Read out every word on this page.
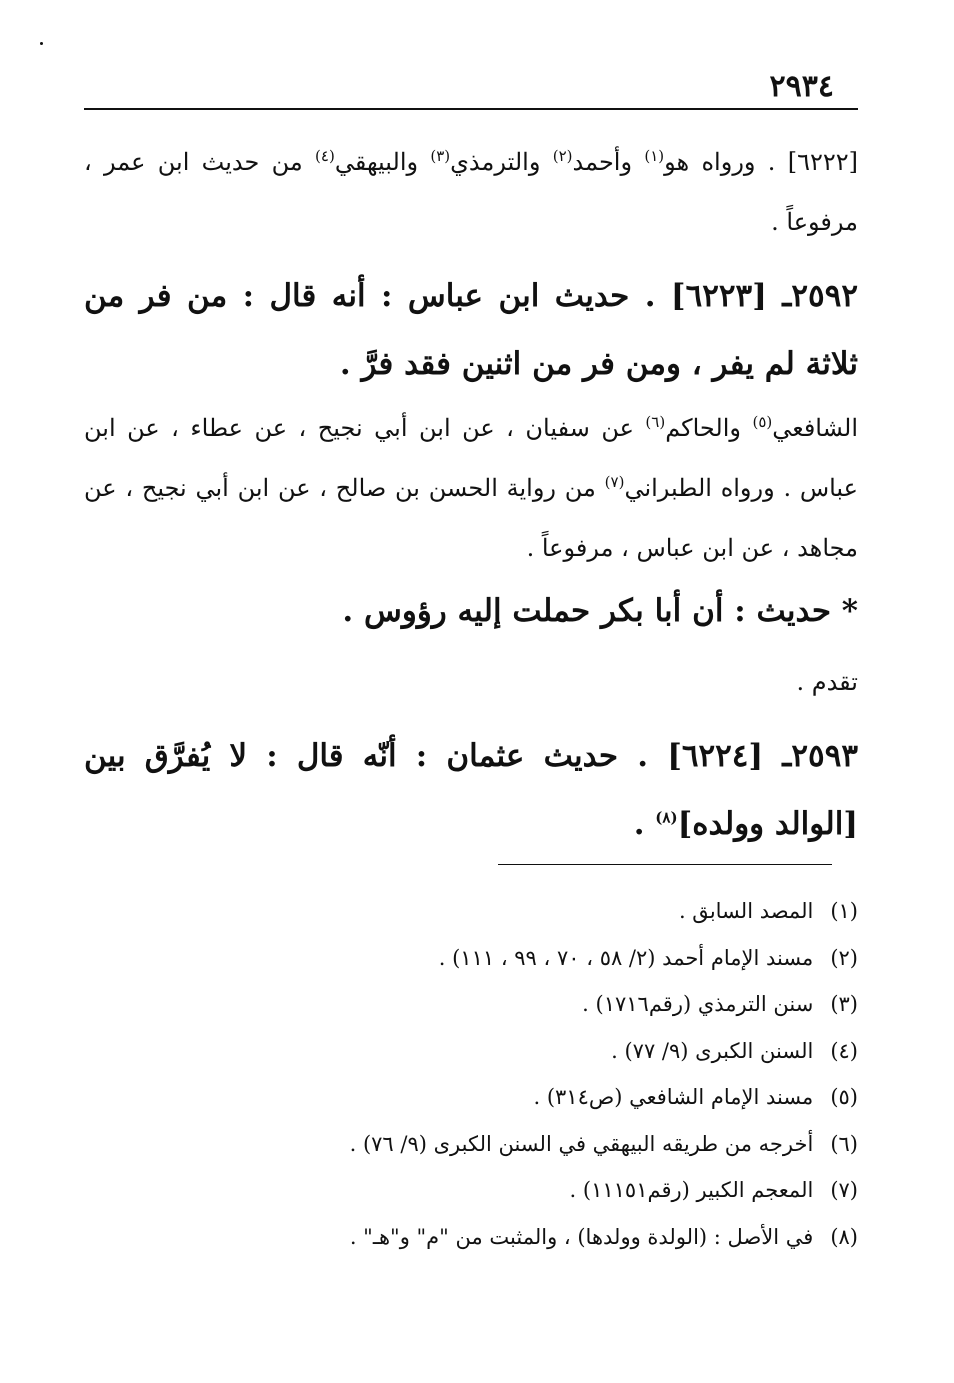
٢٩٣٤
[٦٢٢٢] . ورواه هو$^{(١)}$ وأحمد$^{(٢)}$ والترمذي$^{(٣)}$ والبيهقي$^{(٤)}$ من حديث ابن عمر ، مرفوعاً .
٢٥٩٢ـ [٦٢٢٣] . حديث ابن عباس : أنه قال : من فر من ثلاثة لم يفر ، ومن فر من اثنين فقد فرَّ .
الشافعي$^{(٥)}$ والحاكم$^{(٦)}$ عن سفيان ، عن ابن أبي نجيح ، عن عطاء ، عن ابن عباس . ورواه الطبراني$^{(٧)}$ من رواية الحسن بن صالح ، عن ابن أبي نجيح ، عن مجاهد ، عن ابن عباس ، مرفوعاً .
* حديث : أن أبا بكر حملت إليه رؤوس .
تقدم .
٢٥٩٣ـ [٦٢٢٤] . حديث عثمان : أنّه قال : لا يُفرَّق بين [الوالد وولده]$^{(٨)}$ .
(١) المصد السابق .
(٢) مسند الإمام أحمد (٢/ ٥٨ ، ٧٠ ، ٩٩ ، ١١١) .
(٣) سنن الترمذي (رقم١٧١٦) .
(٤) السنن الكبرى (٩/ ٧٧) .
(٥) مسند الإمام الشافعي (ص٣١٤) .
(٦) أخرجه من طريقه البيهقي في السنن الكبرى (٩/ ٧٦) .
(٧) المعجم الكبير (رقم١١١٥١) .
(٨) في الأصل : (الولدة وولدها) ، والمثبت من "م" و"هـ" .
